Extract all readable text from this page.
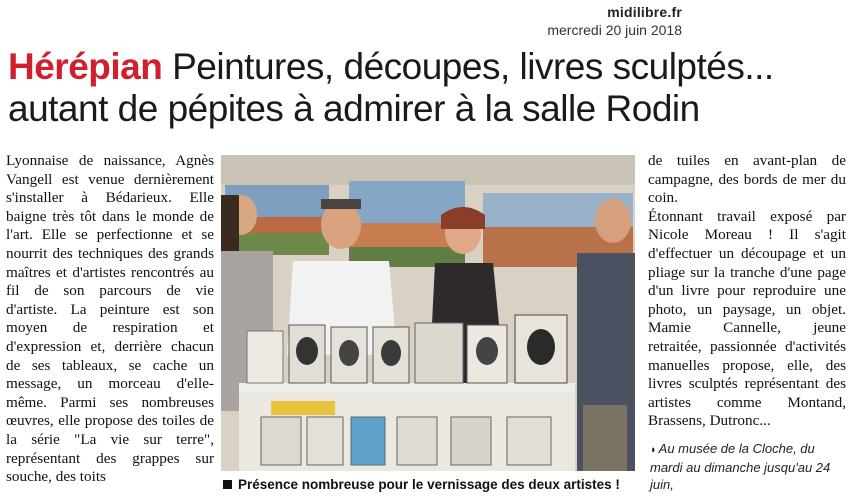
midilibre.fr
mercredi 20 juin 2018
Hérépian Peintures, découpes, livres sculptés...
autant de pépites à admirer à la salle Rodin
Lyonnaise de naissance, Agnès Vangell est venue dernièrement s'installer à Bédarieux. Elle baigne très tôt dans le monde de l'art. Elle se perfectionne et se nourrit des techniques des grands maîtres et d'artistes rencontrés au fil de son parcours de vie d'artiste. La peinture est son moyen de respiration et d'expression et, derrière chacun de ses tableaux, se cache un message, un morceau d'elle-même. Parmi ses nombreuses œuvres, elle propose des toiles de la série "La vie sur terre", représentant des grappes sur souche, des toits
de tuiles en avant-plan de campagne, des bords de mer du coin.
Étonnant travail exposé par Nicole Moreau ! Il s'agit d'effectuer un découpage et un pliage sur la tranche d'une page d'un livre pour reproduire une photo, un paysage, un objet. Mamie Cannelle, jeune retraitée, passionnée d'activités manuelles propose, elle, des livres sculptés représentant des artistes comme Montand, Brassens, Dutronc...
Présence nombreuse pour le vernissage des deux artistes !
◗ Au musée de la Cloche, du mardi au dimanche jusqu'au 24 juin,
